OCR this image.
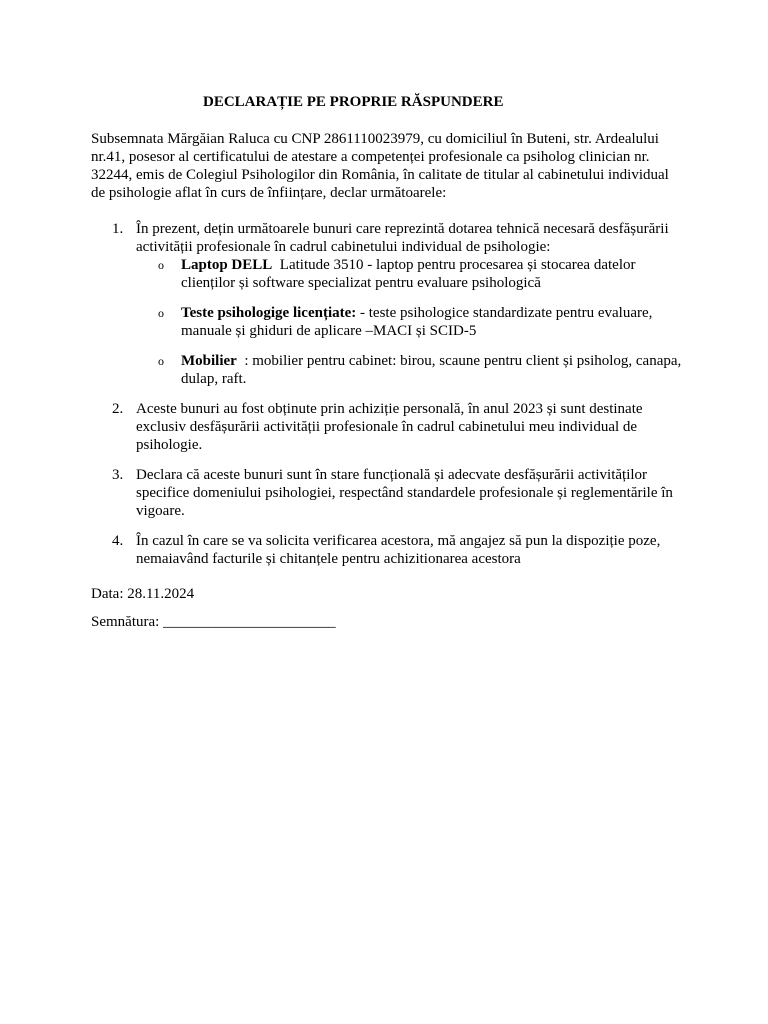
DECLARAȚIE PE PROPRIE RĂSPUNDERE

Subsemnata Mărgăian Raluca cu CNP 2861110023979, cu domiciliul în Buteni, str. Ardealului nr.41, posesor al certificatului de atestare a competenței profesionale ca psiholog clinician nr. 32244, emis de Colegiul Psihologilor din România, în calitate de titular al cabinetului individual de psihologie aflat în curs de înființare, declar următoarele:

1. În prezent, dețin următoarele bunuri care reprezintă dotarea tehnică necesară desfășurării activității profesionale în cadrul cabinetului individual de psihologie:
o Laptop DELL  Latitude 3510 - laptop pentru procesarea și stocarea datelor clienților și software specializat pentru evaluare psihologică
o Teste psihologige licențiate: - teste psihologice standardizate pentru evaluare, manuale și ghiduri de aplicare –MACI și SCID-5
o Mobilier  : mobilier pentru cabinet: birou, scaune pentru client și psiholog, canapa, dulap, raft.
2. Aceste bunuri au fost obținute prin achiziție personală, în anul 2023 și sunt destinate exclusiv desfășurării activității profesionale în cadrul cabinetului meu individual de psihologie.
3. Declara că aceste bunuri sunt în stare funcțională și adecvate desfășurării activităților specifice domeniului psihologiei, respectând standardele profesionale și reglementările în vigoare.
4. În cazul în care se va solicita verificarea acestora, mă angajez să pun la dispoziție poze, nemaiavând facturile și chitanțele pentru achizitionarea acestora
Data: 28.11.2024
Semnătura: _______________________
